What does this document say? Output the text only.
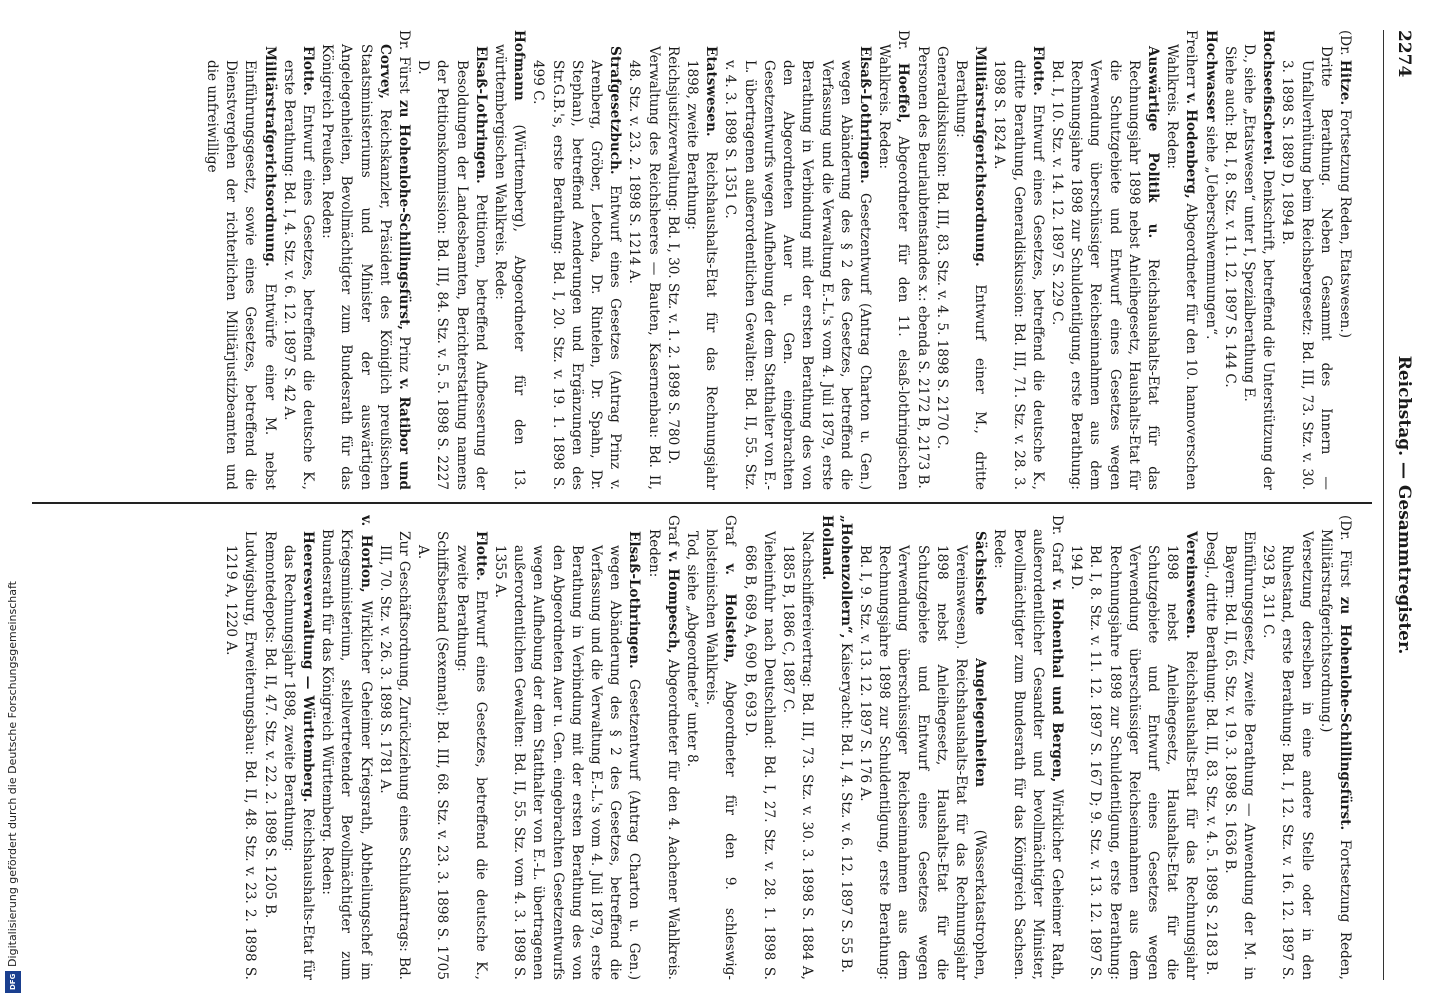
2274
Reichstag. — Gesammtregister.

(Dr. Hitze. Fortsetzung Reden, Etatswesen.)

Dritte Berathung. Neben Gesammt des Innern — Unfallverhütung beim Reichsbergesetz: Bd. III, 73. Stz. v. 30. 3. 1898 S. 1889 D, 1894 B.

Hochseefischerei. Denkschrift, betreffend die Unterstützung der D., siehe „Etatswesen“ unter I, Spezialberathung E.

Siehe auch: Bd. I, 8. Stz. v. 11. 12. 1897 S. 144 C.

Hochwasser siehe „Ueberschwemmungen“.

Freiherr v. Hodenberg, Abgeordneter für den 10. hannoverschen Wahlkreis. Reden:

Auswärtige Politik u. Reichshaushalts-Etat für das Rechnungsjahr 1898 nebst Anleihegesetz, Haushalts-Etat für die Schutzgebiete und Entwurf eines Gesetzes wegen Verwendung überschüssiger Reichseinnahmen aus dem Rechnungsjahre 1898 zur Schuldentilgung, erste Berathung: Bd. I, 10. Stz. v. 14. 12. 1897 S. 229 C.

Flotte. Entwurf eines Gesetzes, betreffend die deutsche K., dritte Berathung, Generaldiskussion: Bd. III, 71. Stz. v. 28. 3. 1898 S. 1824 A.

Militärstrafgerichtsordnung. Entwurf einer M., dritte Berathung:

Generaldiskussion: Bd. III, 83. Stz. v. 4. 5. 1898 S. 2170 C.

Personen des Beurlaubtenstandes x.: ebenda S. 2172 B, 2173 B.

Dr. Hoeffel, Abgeordneter für den 11. elsaß-lothringischen Wahlkreis. Reden:

Elsaß-Lothringen. Gesetzentwurf (Antrag Charton u. Gen.) wegen Abänderung des § 2 des Gesetzes, betreffend die Verfassung und die Verwaltung E.-L.'s vom 4. Juli 1879, erste Berathung in Verbindung mit der ersten Berathung des von den Abgeordneten Auer u. Gen. eingebrachten Gesetzentwurfs wegen Aufhebung der dem Statthalter von E.-L. übertragenen außerordentlichen Gewalten: Bd. II, 55. Stz. v. 4. 3. 1898 S. 1351 C.

Etatswesen. Reichshaushalts-Etat für das Rechnungsjahr 1898, zweite Berathung:

Reichsjustizverwaltung: Bd. I, 30. Stz. v. 1. 2. 1898 S. 780 D.

Verwaltung des Reichsheeres — Bauten, Kasernenbau: Bd. II, 48. Stz. v. 23. 2. 1898 S. 1214 A.

Strafgesetzbuch. Entwurf eines Gesetzes (Antrag Prinz v. Arenberg, Gröber, Letocha, Dr. Rintelen, Dr. Spahn, Dr. Stephan), betreffend Aenderungen und Ergänzungen des Str.G.B.'s, erste Berathung: Bd. I, 20. Stz. v. 19. 1. 1898 S. 499 C.

Hofmann (Württemberg), Abgeordneter für den 13. württembergischen Wahlkreis. Rede:

Elsaß-Lothringen. Petitionen, betreffend Aufbesserung der Besoldungen der Landesbeamten, Berichterstattung namens der Petitionskommission: Bd. III, 84. Stz. v. 5. 5. 1898 S. 2227 D.

Dr. Fürst zu Hohenlohe-Schillingsfürst, Prinz v. Ratibor und Corvey, Reichskanzler, Präsident des Königlich preußischen Staatsministeriums und Minister der auswärtigen Angelegenheiten, Bevollmächtigter zum Bundesrath für das Königreich Preußen. Reden:

Flotte. Entwurf eines Gesetzes, betreffend die deutsche K., erste Berathung: Bd. I, 4. Stz. v. 6. 12. 1897 S. 42 A.

Militärstrafgerichtsordnung. Entwürfe einer M. nebst Einführungsgesetz, sowie eines Gesetzes, betreffend die Dienstvergehen der richterlichen Militärjustizbeamten und die unfreiwillige

(Dr. Fürst zu Hohenlohe-Schillingsfürst. Fortsetzung Reden, Militärstrafgerichtsordnung.)

Versetzung derselben in eine andere Stelle oder in den Ruhestand, erste Berathung: Bd. I, 12. Stz. v. 16. 12. 1897 S. 293 B, 311 C.

Einführungsgesetz, zweite Berathung — Anwendung der M. in Bayern: Bd. II, 65. Stz. v. 19. 3. 1898 S. 1636 B.

Desgl., dritte Berathung: Bd. III, 83. Stz. v. 4. 5. 1898 S. 2183 B.

Vereinswesen. Reichshaushalts-Etat für das Rechnungsjahr 1898 nebst Anleihegesetz, Haushalts-Etat für die Schutzgebiete und Entwurf eines Gesetzes wegen Verwendung überschüssiger Reichseinnahmen aus dem Rechnungsjahre 1898 zur Schuldentilgung, erste Berathung: Bd. I, 8. Stz. v. 11. 12. 1897 S. 167 D; 9. Stz. v. 13. 12. 1897 S. 194 D.

Dr. Graf v. Hohenthal und Bergen, Wirklicher Geheimer Rath, außerordentlicher Gesandter und bevollmächtigter Minister, Bevollmächtigter zum Bundesrath für das Königreich Sachsen. Rede:

Sächsische Angelegenheiten (Wasserkatastrophen, Vereinswesen). Reichshaushalts-Etat für das Rechnungsjahr 1898 nebst Anleihegesetz, Haushalts-Etat für die Schutzgebiete und Entwurf eines Gesetzes wegen Verwendung überschüssiger Reichseinnahmen aus dem Rechnungsjahre 1898 zur Schuldentilgung, erste Berathung: Bd. I, 9. Stz. v. 13. 12. 1897 S. 176 A.

„Hohenzollern“, Kaiseryacht: Bd. I, 4. Stz. v. 6. 12. 1897 S. 55 B.

Holland.

Nachschiffereivertrag: Bd. III, 73. Stz. v. 30. 3. 1898 S. 1884 A, 1885 B, 1886 C, 1887 C.

Vieheinfuhr nach Deutschland: Bd. I, 27. Stz. v. 28. 1. 1898 S. 686 B, 689 A, 690 B, 693 D.

Graf v. Holstein, Abgeordneter für den 9. schleswig-holsteinischen Wahlkreis.

Tod, siehe „Abgeordnete“ unter 8.

Graf v. Hompesch, Abgeordneter für den 4. Aachener Wahlkreis. Reden:

Elsaß-Lothringen. Gesetzentwurf (Antrag Charton u. Gen.) wegen Abänderung des § 2 des Gesetzes, betreffend die Verfassung und die Verwaltung E.-L.'s vom 4. Juli 1879, erste Berathung in Verbindung mit der ersten Berathung des von den Abgeordneten Auer u. Gen. eingebrachten Gesetzentwurfs wegen Aufhebung der dem Statthalter von E.-L. übertragenen außerordentlichen Gewalten: Bd. II, 55. Stz. vom 4. 3. 1898 S. 1355 A.

Flotte. Entwurf eines Gesetzes, betreffend die deutsche K., zweite Berathung:

Schiffsbestand (Sexennat): Bd. III, 68. Stz. v. 23. 3. 1898 S. 1705 A.

Zur Geschäftsordnung, Zurückziehung eines Schlußantrags: Bd. III, 70. Stz. v. 26. 3. 1898 S. 1781 A.

v. Horion, Wirklicher Geheimer Kriegsrath, Abtheilungschef im Kriegsministerium, stellvertretender Bevollmächtigter zum Bundesrath für das Königreich Württemberg. Reden:

Heeresverwaltung — Württemberg. Reichshaushalts-Etat für das Rechnungsjahr 1898, zweite Berathung:

Remontedepots: Bd. II, 47. Stz. v. 22. 2. 1898 S. 1205 B.

Ludwigsburg, Erweiterungsbau: Bd. II, 48. Stz. v. 23. 2. 1898 S. 1219 A, 1220 A.

Digitalisierung gefördert durch die Deutsche Forschungsgemeinschaft
DFG
